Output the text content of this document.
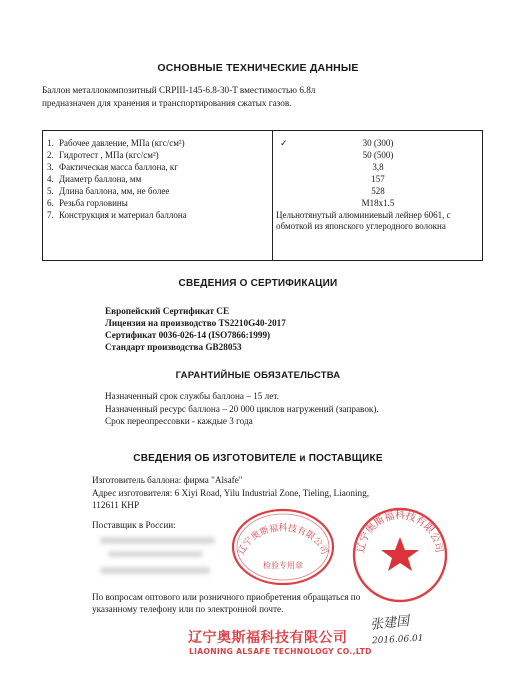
ОСНОВНЫЕ ТЕХНИЧЕСКИЕ ДАННЫЕ
Баллон металлокомпозитный CRPIII-145-6.8-30-T вместимостью 6.8л
предназначен для хранения и транспортирования сжатых газов.
1. Рабочее давление, МПа (кгс/см²)
2. Гидротест , МПа (кгс/см²)
3. Фактическая масса баллона, кг
4. Диаметр баллона, мм
5. Длина баллона, мм, не более
6. Резьба горловины
7. Конструкция и материал баллона
✓	30 (300)
50 (500)
3,8
157
528
M18x1.5
Цельнотянутый алюминиевый лейнер 6061, с обмоткой из японского углеродного волокна
СВЕДЕНИЯ О СЕРТИФИКАЦИИ
Европейский Сертификат CE
Лицензия на производство TS2210G40-2017
Сертификат 0036-026-14 (ISO7866:1999)
Стандарт производства GB28053
ГАРАНТИЙНЫЕ ОБЯЗАТЕЛЬСТВА
Назначенный срок службы баллона – 15 лет.
Назначенный ресурс баллона – 20 000 циклов нагружений (заправок).
Срок переопрессовки - каждые 3 года
СВЕДЕНИЯ ОБ ИЗГОТОВИТЕЛЕ и ПОСТАВЩИКЕ
Изготовитель баллона: фирма "Alsafe"
Адрес изготовителя: 6 Xiyi Road, Yilu Industrial Zone, Tieling, Liaoning,
112611 КНР
Поставщик в России:
По вопросам оптового или розничного приобретения обращаться по
указанному телефону или по электронной почте.
辽宁奥斯福科技有限公司
检验专用章
辽宁奥斯福科技有限公司
张建国
2016.06.01
辽宁奥斯福科技有限公司
LIAONING ALSAFE TECHNOLOGY CO.,LTD
